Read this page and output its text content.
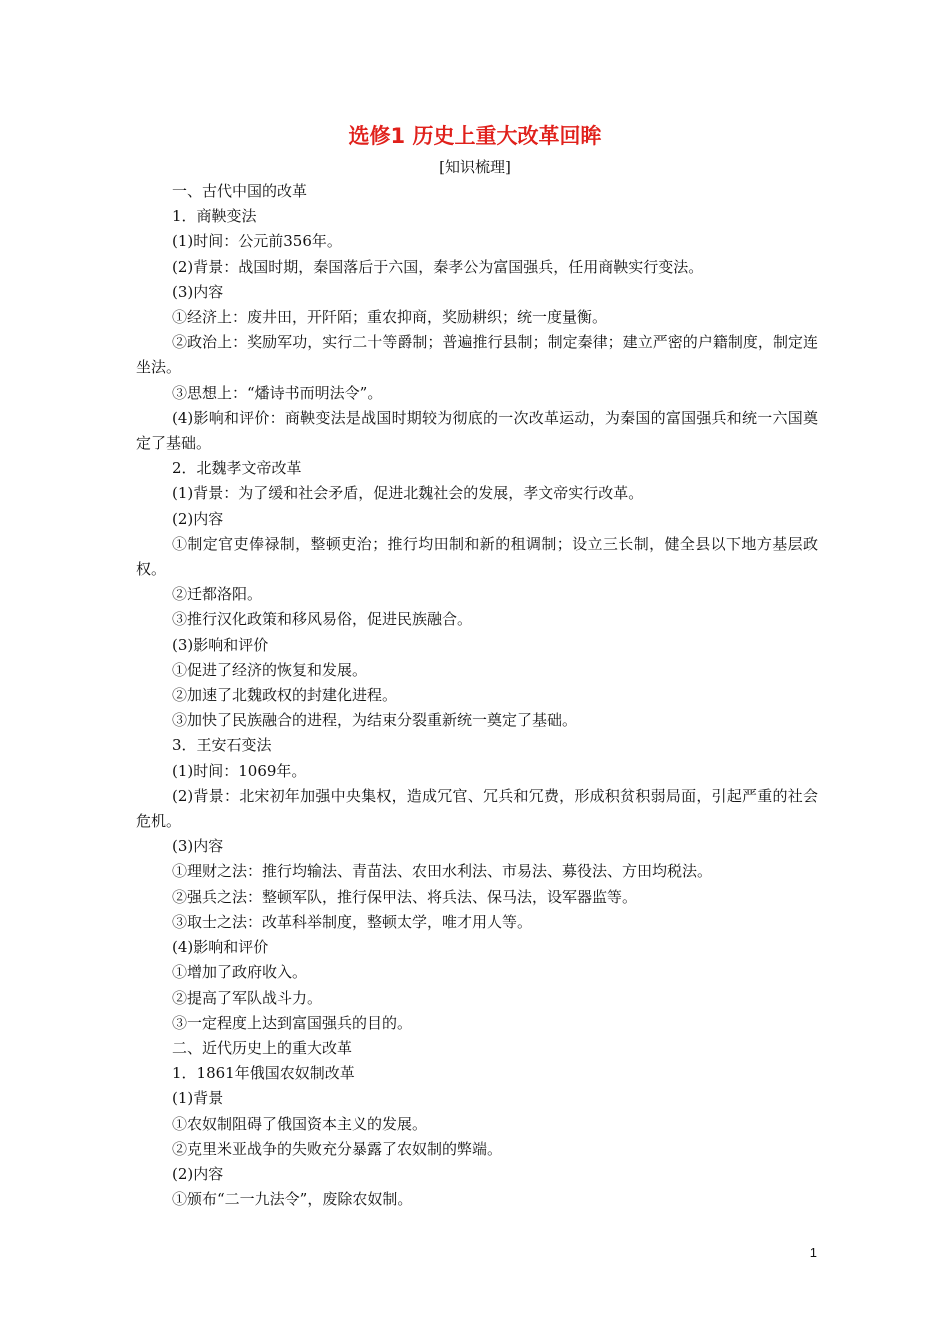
选修1 历史上重大改革回眸
[知识梳理]

一、古代中国的改革

1．商鞅变法

(1)时间：公元前356年。

(2)背景：战国时期，秦国落后于六国，秦孝公为富国强兵，任用商鞅实行变法。

(3)内容

①经济上：废井田，开阡陌；重农抑商，奖励耕织；统一度量衡。

②政治上：奖励军功，实行二十等爵制；普遍推行县制；制定秦律；建立严密的户籍制度，制定连坐法。

③思想上：“燔诗书而明法令”。

(4)影响和评价：商鞅变法是战国时期较为彻底的一次改革运动，为秦国的富国强兵和统一六国奠定了基础。

2．北魏孝文帝改革

(1)背景：为了缓和社会矛盾，促进北魏社会的发展，孝文帝实行改革。

(2)内容

①制定官吏俸禄制，整顿吏治；推行均田制和新的租调制；设立三长制，健全县以下地方基层政权。

②迁都洛阳。

③推行汉化政策和移风易俗，促进民族融合。

(3)影响和评价

①促进了经济的恢复和发展。

②加速了北魏政权的封建化进程。

③加快了民族融合的进程，为结束分裂重新统一奠定了基础。

3．王安石变法

(1)时间：1069年。

(2)背景：北宋初年加强中央集权，造成冗官、冗兵和冗费，形成积贫积弱局面，引起严重的社会危机。

(3)内容

①理财之法：推行均输法、青苗法、农田水利法、市易法、募役法、方田均税法。

②强兵之法：整顿军队，推行保甲法、将兵法、保马法，设军器监等。

③取士之法：改革科举制度，整顿太学，唯才用人等。

(4)影响和评价

①增加了政府收入。

②提高了军队战斗力。

③一定程度上达到富国强兵的目的。

二、近代历史上的重大改革

1．1861年俄国农奴制改革

(1)背景

①农奴制阻碍了俄国资本主义的发展。

②克里米亚战争的失败充分暴露了农奴制的弊端。

(2)内容

①颁布“二一九法令”，废除农奴制。

1
